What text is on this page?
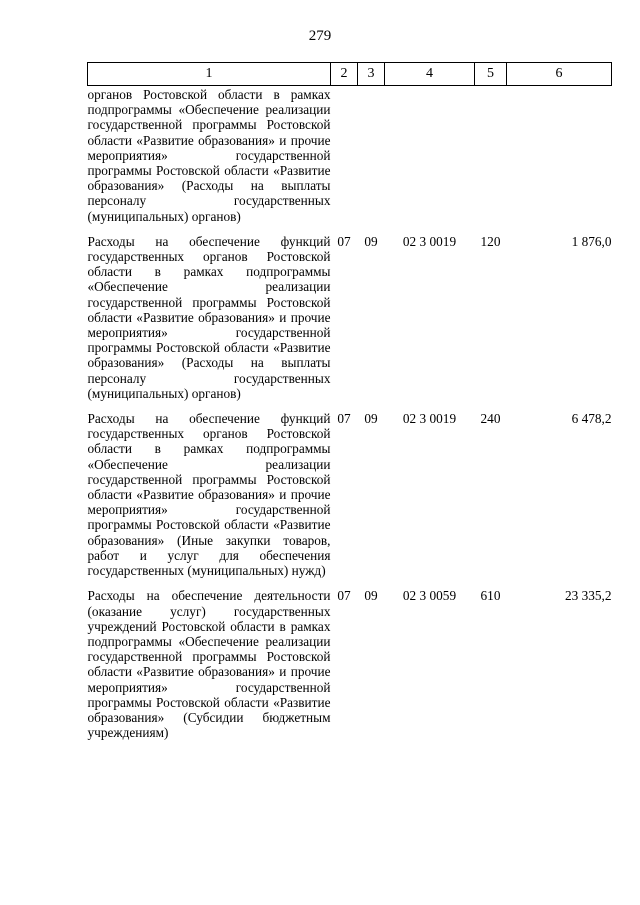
279
1	2	3	4	5	6
органов Ростовской области в рамках подпрограммы «Обеспечение реализации государственной программы Ростовской области «Развитие образования» и прочие мероприятия» государственной программы Ростовской области «Развитие образования» (Расходы на выплаты персоналу государственных (муниципальных) органов)					
Расходы на обеспечение функций государственных органов Ростовской области в рамках подпрограммы «Обеспечение реализации государственной программы Ростовской области «Развитие образования» и прочие мероприятия» государственной программы Ростовской области «Развитие образования» (Расходы на выплаты персоналу государственных (муниципальных) органов)	07	09	02 3 0019	120	1 876,0
Расходы на обеспечение функций государственных органов Ростовской области в рамках подпрограммы «Обеспечение реализации государственной программы Ростовской области «Развитие образования» и прочие мероприятия» государственной программы Ростовской области «Развитие образования» (Иные закупки товаров, работ и услуг для обеспечения государственных (муниципальных) нужд)	07	09	02 3 0019	240	6 478,2
Расходы на обеспечение деятельности (оказание услуг) государственных учреждений Ростовской области в рамках подпрограммы «Обеспечение реализации государственной программы Ростовской области «Развитие образования» и прочие мероприятия» государственной программы Ростовской области «Развитие образования» (Субсидии бюджетным учреждениям)	07	09	02 3 0059	610	23 335,2
